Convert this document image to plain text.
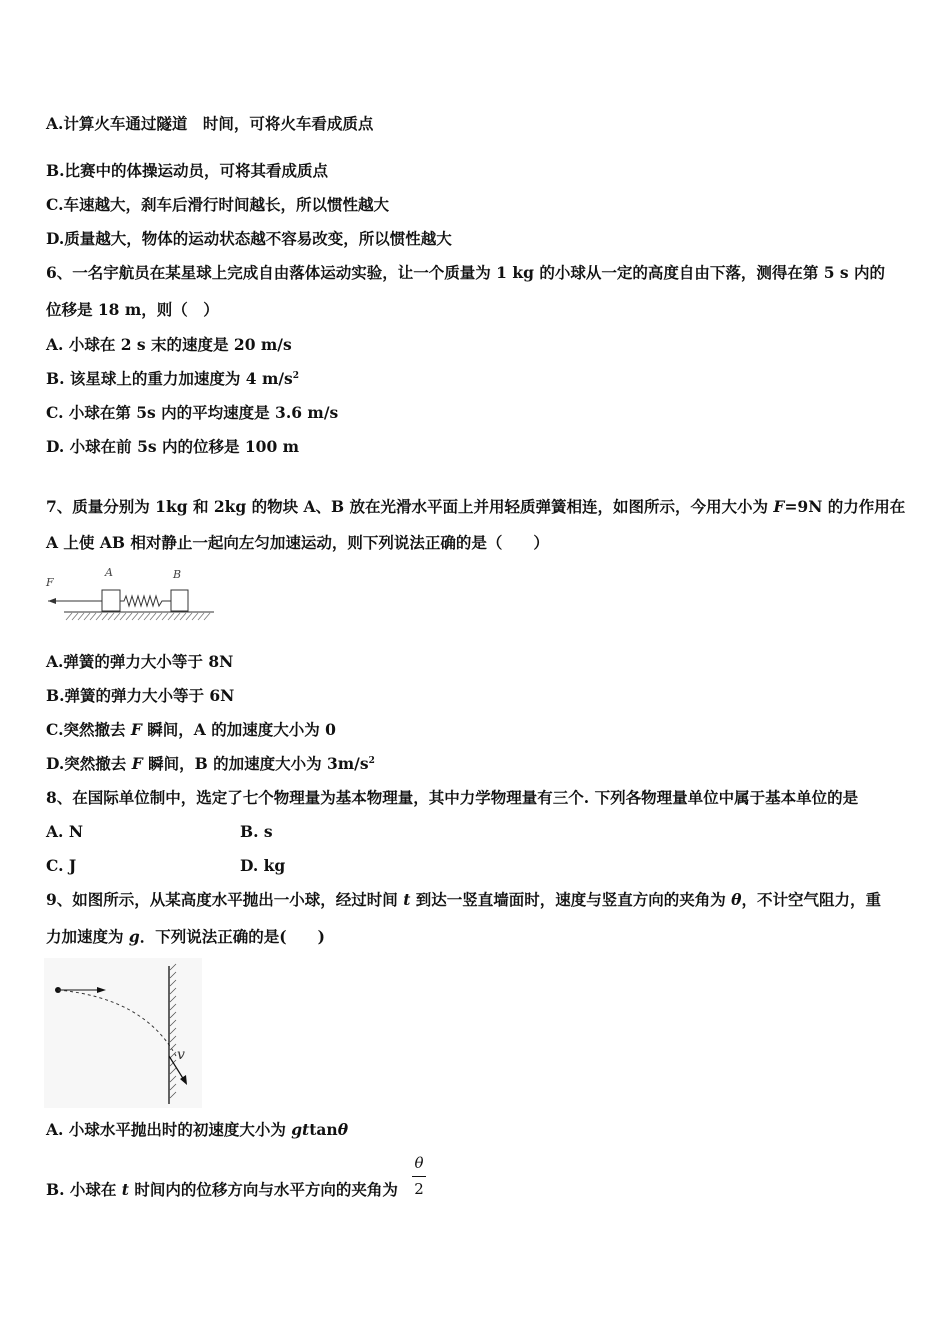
A.计算火车通过隧道　时间，可将火车看成质点
B.比赛中的体操运动员，可将其看成质点
C.车速越大，刹车后滑行时间越长，所以惯性越大
D.质量越大，物体的运动状态越不容易改变，所以惯性越大
6、一名宇航员在某星球上完成自由落体运动实验，让一个质量为 1 kg 的小球从一定的高度自由下落，测得在第 5 s 内的
位移是 18 m，则（　）
A. 小球在 2 s 末的速度是 20 m/s
B. 该星球上的重力加速度为 4 $m/s^2$
C. 小球在第 5s 内的平均速度是 3.6 m/s
D. 小球在前 5s 内的位移是 100 m
7、质量分别为 1kg 和 2kg 的物块 A、B 放在光滑水平面上并用轻质弹簧相连，如图所示，今用大小为 F=9N 的力作用在
A 上使 AB 相对静止一起向左匀加速运动，则下列说法正确的是（　　）
F
A	B
A.弹簧的弹力大小等于 8N
B.弹簧的弹力大小等于 6N
C.突然撤去 F 瞬间，A 的加速度大小为 0
D.突然撤去 F 瞬间，B 的加速度大小为 $3m/s^2$
8、在国际单位制中，选定了七个物理量为基本物理量，其中力学物理量有三个. 下列各物理量单位中属于基本单位的是
A. N	B. s
C. J	D. kg
9、如图所示，从某高度水平抛出一小球，经过时间 t 到达一竖直墙面时，速度与竖直方向的夹角为 θ，不计空气阻力，重
力加速度为 g．下列说法正确的是(　　)
v
A. 小球水平抛出时的初速度大小为 gttanθ
B. 小球在 t 时间内的位移方向与水平方向的夹角为
θ
2
